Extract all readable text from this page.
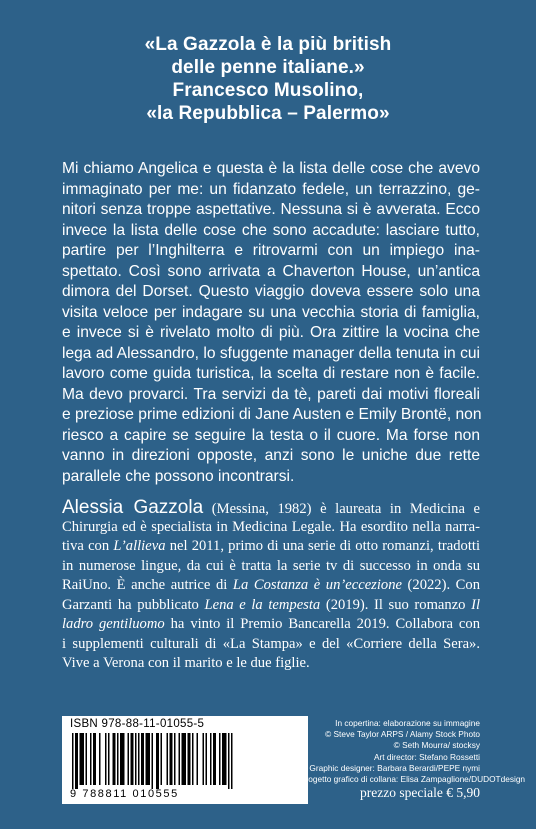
«La Gazzola è la più british
delle penne italiane.»
Francesco Musolino,
«la Repubblica – Palermo»
Mi chiamo Angelica e questa è la lista delle cose che avevo
immaginato per me: un fidanzato fedele, un terrazzino, ge-
nitori senza troppe aspettative. Nessuna si è avverata. Ecco
invece la lista delle cose che sono accadute: lasciare tutto,
partire per l’Inghilterra e ritrovarmi con un impiego ina-
spettato. Così sono arrivata a Chaverton House, un’antica
dimora del Dorset. Questo viaggio doveva essere solo una
visita veloce per indagare su una vecchia storia di famiglia,
e invece si è rivelato molto di più. Ora zittire la vocina che
lega ad Alessandro, lo sfuggente manager della tenuta in cui
lavoro come guida turistica, la scelta di restare non è facile.
Ma devo provarci. Tra servizi da tè, pareti dai motivi floreali
e preziose prime edizioni di Jane Austen e Emily Brontë, non
riesco a capire se seguire la testa o il cuore. Ma forse non
vanno in direzioni opposte, anzi sono le uniche due rette
parallele che possono incontrarsi.
Alessia Gazzola (Messina, 1982) è laureata in Medicina e
Chirurgia ed è specialista in Medicina Legale. Ha esordito nella narra-
tiva con L’allieva nel 2011, primo di una serie di otto romanzi, tradotti
in numerose lingue, da cui è tratta la serie tv di successo in onda su
RaiUno. È anche autrice di La Costanza è un’eccezione (2022). Con
Garzanti ha pubblicato Lena e la tempesta (2019). Il suo romanzo Il
ladro gentiluomo ha vinto il Premio Bancarella 2019. Collabora con
i supplementi culturali di «La Stampa» e del «Corriere della Sera».
Vive a Verona con il marito e le due figlie.
ISBN 978-88-11-01055-5
9 788811 010555
In copertina: elaborazione su immagine
© Steve Taylor ARPS / Alamy Stock Photo
© Seth Mourra/ stocksy
Art director: Stefano Rossetti
Graphic designer: Barbara Berardi/PEPE nymi
Progetto grafico di collana: Elisa Zampaglione/DUDOTdesign
prezzo speciale € 5,90
